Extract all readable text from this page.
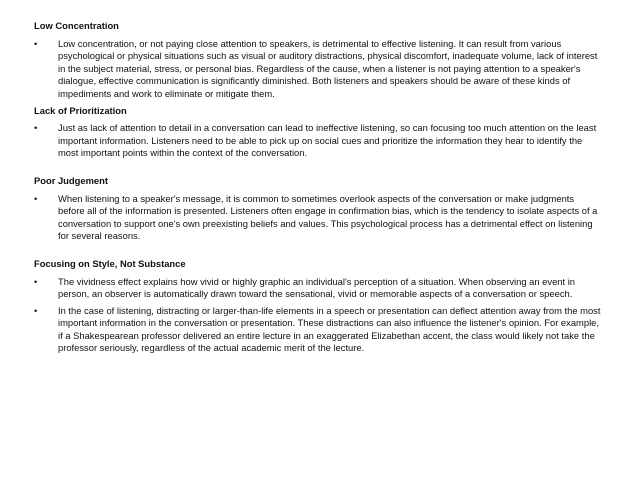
Low Concentration

•	Low concentration, or not paying close attention to speakers, is detrimental to effective listening. It can result from various psychological or physical situations such as visual or auditory distractions, physical discomfort, inadequate volume, lack of interest in the subject material, stress, or personal bias. Regardless of the cause, when a listener is not paying attention to a speaker's dialogue, effective communication is significantly diminished. Both listeners and speakers should be aware of these kinds of impediments and work to eliminate or mitigate them.

Lack of Prioritization

•	Just as lack of attention to detail in a conversation can lead to ineffective listening, so can focusing too much attention on the least important information. Listeners need to be able to pick up on social cues and prioritize the information they hear to identify the most important points within the context of the conversation.

Poor Judgement

•	When listening to a speaker's message, it is common to sometimes overlook aspects of the conversation or make judgments before all of the information is presented. Listeners often engage in confirmation bias, which is the tendency to isolate aspects of a conversation to support one's own preexisting beliefs and values. This psychological process has a detrimental effect on listening for several reasons.

Focusing on Style, Not Substance

•	The vividness effect explains how vivid or highly graphic an individual's perception of a situation. When observing an event in person, an observer is automatically drawn toward the sensational, vivid or memorable aspects of a conversation or speech.
•	In the case of listening, distracting or larger-than-life elements in a speech or presentation can deflect attention away from the most important information in the conversation or presentation. These distractions can also influence the listener's opinion. For example, if a Shakespearean professor delivered an entire lecture in an exaggerated Elizabethan accent, the class would likely not take the professor seriously, regardless of the actual academic merit of the lecture.
